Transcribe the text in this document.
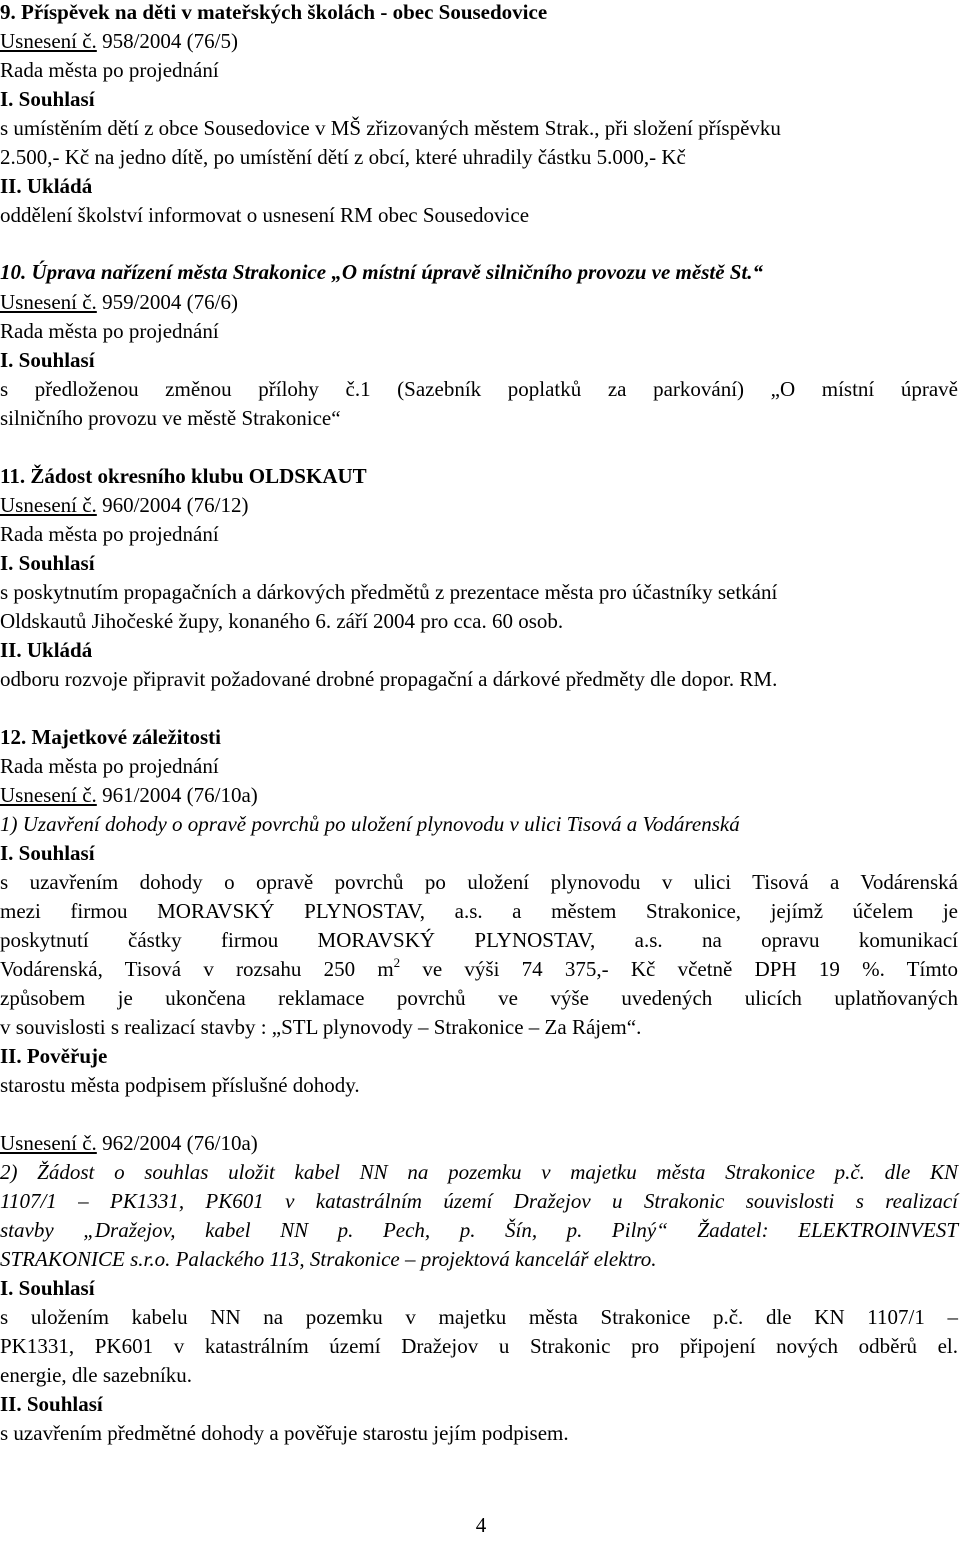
9. Příspěvek na děti v mateřských školách - obec Sousedovice
Usnesení č. 958/2004 (76/5)
Rada města po projednání
I. Souhlasí
s umístěním dětí z obce Sousedovice v MŠ zřizovaných městem Strak., při složení příspěvku
2.500,- Kč na jedno dítě, po umístění dětí z obcí, které uhradily částku 5.000,- Kč
II. Ukládá
oddělení školství informovat o usnesení RM obec Sousedovice
10. Úprava nařízení města Strakonice „O místní úpravě silničního provozu ve městě St.“
Usnesení č. 959/2004 (76/6)
Rada města po projednání
I. Souhlasí
s předloženou změnou přílohy č.1 (Sazebník poplatků za parkování) „O místní úpravě
silničního provozu ve městě Strakonice“
11. Žádost okresního klubu OLDSKAUT
Usnesení č. 960/2004 (76/12)
Rada města po projednání
I. Souhlasí
s poskytnutím propagačních a dárkových předmětů z prezentace města pro účastníky setkání
Oldskautů Jihočeské župy, konaného 6. září 2004 pro cca. 60 osob.
II. Ukládá
odboru rozvoje připravit požadované drobné propagační a dárkové předměty dle dopor. RM.
12. Majetkové záležitosti
Rada města po projednání
Usnesení č. 961/2004 (76/10a)
1) Uzavření dohody o opravě povrchů po uložení plynovodu v ulici Tisová a Vodárenská
I. Souhlasí
s uzavřením dohody o opravě povrchů po uložení plynovodu v ulici Tisová a Vodárenská
mezi firmou MORAVSKÝ PLYNOSTAV, a.s. a městem Strakonice, jejímž účelem je
poskytnutí částky firmou MORAVSKÝ PLYNOSTAV, a.s. na opravu komunikací
Vodárenská, Tisová v rozsahu 250 $m^2$ ve výši 74 375,- Kč včetně DPH 19 %. Tímto
způsobem je ukončena reklamace povrchů ve výše uvedených ulicích uplatňovaných
v souvislosti s realizací stavby : „STL plynovody – Strakonice – Za Rájem“.
II. Pověřuje
starostu města podpisem příslušné dohody.
Usnesení č. 962/2004 (76/10a)
2) Žádost o souhlas uložit kabel NN na pozemku v majetku města Strakonice p.č. dle KN
1107/1 – PK1331, PK601 v katastrálním území Dražejov u Strakonic souvislosti s realizací
stavby „Dražejov, kabel NN p. Pech, p. Šín, p. Pilný“ Žadatel: ELEKTROINVEST
STRAKONICE s.r.o. Palackého 113, Strakonice – projektová kancelář elektro.
I. Souhlasí
s uložením kabelu NN na pozemku v majetku města Strakonice p.č. dle KN 1107/1 –
PK1331, PK601 v katastrálním území Dražejov u Strakonic pro připojení nových odběrů el.
energie, dle sazebníku.
II. Souhlasí
s uzavřením předmětné dohody a pověřuje starostu jejím podpisem.
4
